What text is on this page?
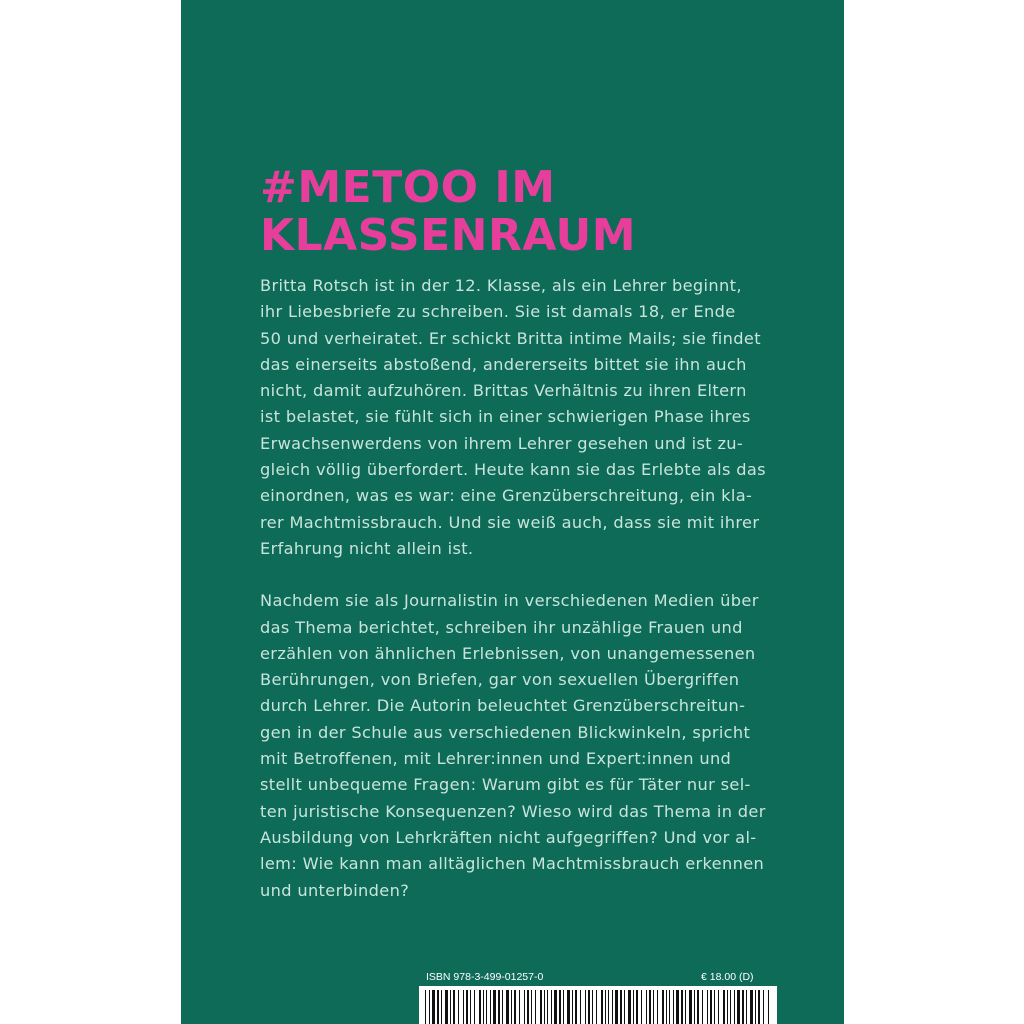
#METOO IM
KLASSENRAUM
Britta Rotsch ist in der 12. Klasse, als ein Lehrer beginnt,
ihr Liebesbriefe zu schreiben. Sie ist damals 18, er Ende
50 und verheiratet. Er schickt Britta intime Mails; sie findet
das einerseits abstoßend, andererseits bittet sie ihn auch
nicht, damit aufzuhören. Brittas Verhältnis zu ihren Eltern
ist belastet, sie fühlt sich in einer schwierigen Phase ihres
Erwachsenwerdens von ihrem Lehrer gesehen und ist zu-
gleich völlig überfordert. Heute kann sie das Erlebte als das
einordnen, was es war: eine Grenzüberschreitung, ein kla-
rer Machtmissbrauch. Und sie weiß auch, dass sie mit ihrer
Erfahrung nicht allein ist.
Nachdem sie als Journalistin in verschiedenen Medien über
das Thema berichtet, schreiben ihr unzählige Frauen und
erzählen von ähnlichen Erlebnissen, von unangemessenen
Berührungen, von Briefen, gar von sexuellen Übergriffen
durch Lehrer. Die Autorin beleuchtet Grenzüberschreitun-
gen in der Schule aus verschiedenen Blickwinkeln, spricht
mit Betroffenen, mit Lehrer:innen und Expert:innen und
stellt unbequeme Fragen: Warum gibt es für Täter nur sel-
ten juristische Konsequenzen? Wieso wird das Thema in der
Ausbildung von Lehrkräften nicht aufgegriffen? Und vor al-
lem: Wie kann man alltäglichen Machtmissbrauch erkennen
und unterbinden?
ISBN 978-3-499-01257-0	€ 18.00 (D)
